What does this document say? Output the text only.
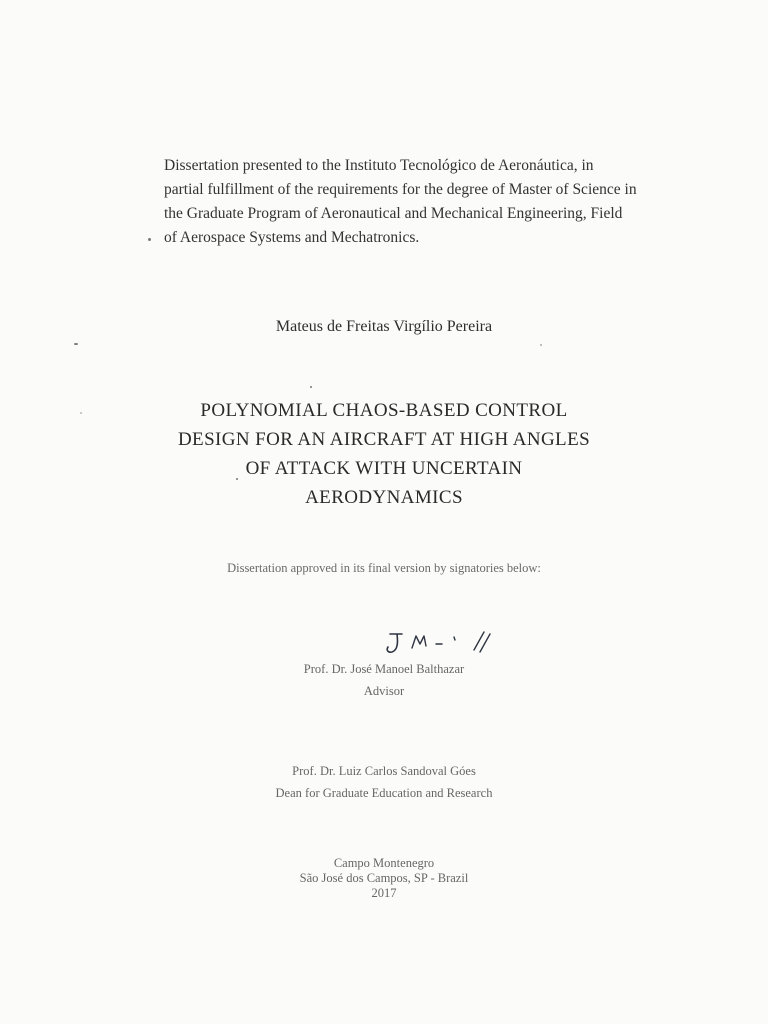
Dissertation presented to the Instituto Tecnológico de Aeronáutica, in
partial fulfillment of the requirements for the degree of Master of Science in
the Graduate Program of Aeronautical and Mechanical Engineering, Field
of Aerospace Systems and Mechatronics.
Mateus de Freitas Virgílio Pereira
POLYNOMIAL CHAOS-BASED CONTROL
DESIGN FOR AN AIRCRAFT AT HIGH ANGLES
OF ATTACK WITH UNCERTAIN
AERODYNAMICS
Dissertation approved in its final version by signatories below:
Prof. Dr. José Manoel Balthazar
Advisor
Prof. Dr. Luiz Carlos Sandoval Góes
Dean for Graduate Education and Research
Campo Montenegro
São José dos Campos, SP - Brazil
2017
